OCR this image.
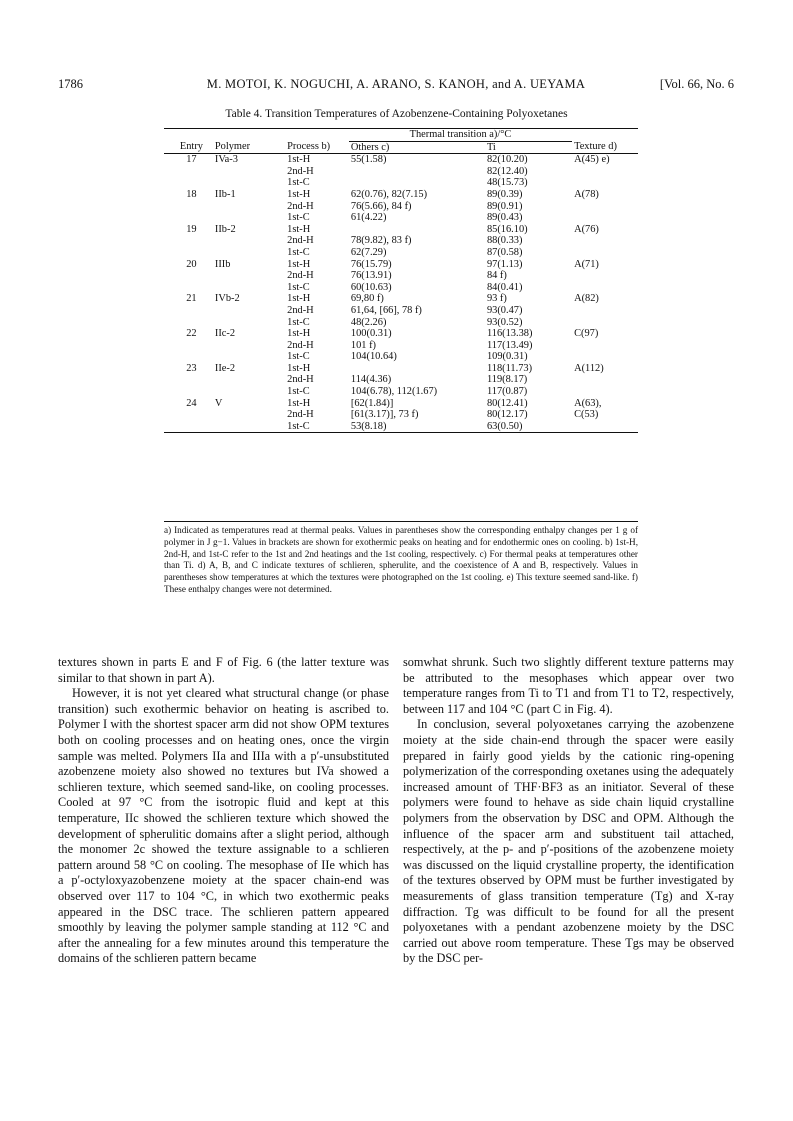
1786	M. MOTOI, K. NOGUCHI, A. ARANO, S. KANOH, and A. UEYAMA	[Vol. 66, No. 6
Table 4. Transition Temperatures of Azobenzene-Containing Polyoxetanes
			Thermal transition a)/°C		
Entry	Polymer	Process b)	Others c)	Ti	Texture d)
17	IVa-3	1st-H	55(1.58)	82(10.20)	A(45) e)
		2nd-H		82(12.40)	
		1st-C		48(15.73)	
18	IIb-1	1st-H	62(0.76), 82(7.15)	89(0.39)	A(78)
		2nd-H	76(5.66), 84 f)	89(0.91)	
		1st-C	61(4.22)	89(0.43)	
19	IIb-2	1st-H		85(16.10)	A(76)
		2nd-H	78(9.82), 83 f)	88(0.33)	
		1st-C	62(7.29)	87(0.58)	
20	IIIb	1st-H	76(15.79)	97(1.13)	A(71)
		2nd-H	76(13.91)	84 f)	
		1st-C	60(10.63)	84(0.41)	
21	IVb-2	1st-H	69,80 f)	93 f)	A(82)
		2nd-H	61,64, [66], 78 f)	93(0.47)	
		1st-C	48(2.26)	93(0.52)	
22	IIc-2	1st-H	100(0.31)	116(13.38)	C(97)
		2nd-H	101 f)	117(13.49)	
		1st-C	104(10.64)	109(0.31)	
23	IIe-2	1st-H		118(11.73)	A(112)
		2nd-H	114(4.36)	119(8.17)	
		1st-C	104(6.78), 112(1.67)	117(0.87)	
24	V	1st-H	[62(1.84)]	80(12.41)	A(63),
		2nd-H	[61(3.17)], 73 f)	80(12.17)	C(53)
		1st-C	53(8.18)	63(0.50)	
a) Indicated as temperatures read at thermal peaks. Values in parentheses show the corresponding enthalpy changes per 1 g of polymer in J g−1. Values in brackets are shown for exothermic peaks on heating and for endothermic ones on cooling. b) 1st-H, 2nd-H, and 1st-C refer to the 1st and 2nd heatings and the 1st cooling, respectively. c) For thermal peaks at temperatures other than Ti. d) A, B, and C indicate textures of schlieren, spherulite, and the coexistence of A and B, respectively. Values in parentheses show temperatures at which the textures were photographed on the 1st cooling. e) This texture seemed sand-like. f) These enthalpy changes were not determined.

textures shown in parts E and F of Fig. 6 (the latter texture was similar to that shown in part A).

However, it is not yet cleared what structural change (or phase transition) such exothermic behavior on heating is ascribed to. Polymer I with the shortest spacer arm did not show OPM textures both on cooling processes and on heating ones, once the virgin sample was melted. Polymers IIa and IIIa with a p′-unsubstituted azobenzene moiety also showed no textures but IVa showed a schlieren texture, which seemed sand-like, on cooling processes. Cooled at 97 °C from the isotropic fluid and kept at this temperature, IIc showed the schlieren texture which showed the development of spherulitic domains after a slight period, although the monomer 2c showed the texture assignable to a schlieren pattern around 58 °C on cooling. The mesophase of IIe which has a p′-octyloxyazobenzene moiety at the spacer chain-end was observed over 117 to 104 °C, in which two exothermic peaks appeared in the DSC trace. The schlieren pattern appeared smoothly by leaving the polymer sample standing at 112 °C and after the annealing for a few minutes around this temperature the domains of the schlieren pattern became

somwhat shrunk. Such two slightly different texture patterns may be attributed to the mesophases which appear over two temperature ranges from Ti to T1 and from T1 to T2, respectively, between 117 and 104 °C (part C in Fig. 4).

In conclusion, several polyoxetanes carrying the azobenzene moiety at the side chain-end through the spacer were easily prepared in fairly good yields by the cationic ring-opening polymerization of the corresponding oxetanes using the adequately increased amount of THF·BF3 as an initiator. Several of these polymers were found to hehave as side chain liquid crystalline polymers from the observation by DSC and OPM. Although the influence of the spacer arm and substituent tail attached, respectively, at the p- and p′-positions of the azobenzene moiety was discussed on the liquid crystalline property, the identification of the textures observed by OPM must be further investigated by measurements of glass transition temperature (Tg) and X-ray diffraction. Tg was difficult to be found for all the present polyoxetanes with a pendant azobenzene moiety by the DSC carried out above room temperature. These Tgs may be observed by the DSC per-
